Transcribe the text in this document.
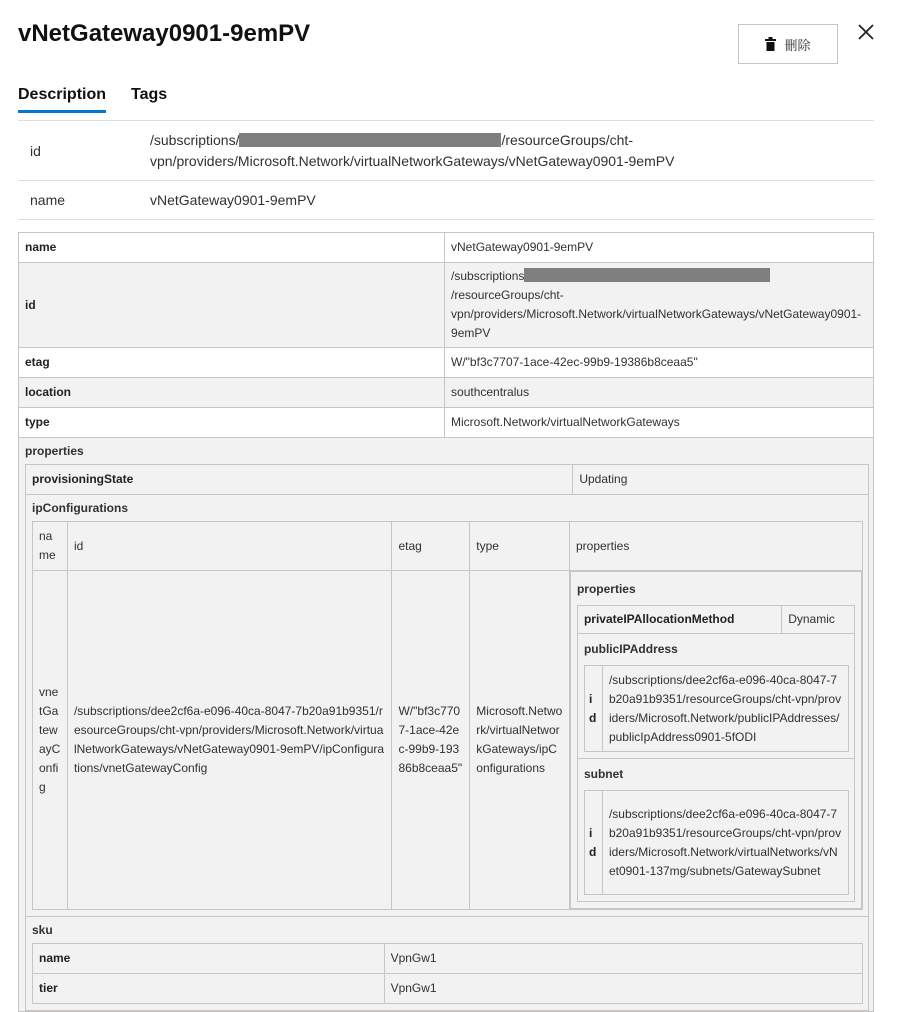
vNetGateway0901-9emPV	刪除
Description Tags
id
/subscriptions/	/resourceGroups/cht-vpn/providers/Microsoft.Network/virtualNetworkGateways/vNetGateway0901-9emPV
name	vNetGateway0901-9emPV
name	vNetGateway0901-9emPV
id	/subscriptions/resourceGroups/cht-vpn/providers/Microsoft.Network/virtualNetworkGateways/vNetGateway0901-9emPV
etag	W/"bf3c7707-1ace-42ec-99b9-19386b8ceaa5"
location	southcentralus
type	Microsoft.Network/virtualNetworkGateways
properties
provisioningState	Updating
ipConfigurations
name	id	etag	type	properties
vnetGatewayConfig	/subscriptions/dee2cf6a-e096-40ca-8047-7b20a91b9351/resourceGroups/cht-vpn/providers/Microsoft.Network/virtualNetworkGateways/vNetGateway0901-9emPV/ipConfigurations/vnetGatewayConfig	W/"bf3c7707-1ace-42ec-99b9-19386b8ceaa5"	Microsoft.Network/virtualNetworkGateways/ipConfigurations	
properties
privateIPAllocationMethod	Dynamic
publicIPAddress
id	/subscriptions/dee2cf6a-e096-40ca-8047-7b20a91b9351/resourceGroups/cht-vpn/providers/Microsoft.Network/publicIPAddresses/publicIpAddress0901-5fODI
subnet
id	/subscriptions/dee2cf6a-e096-40ca-8047-7b20a91b9351/resourceGroups/cht-vpn/providers/Microsoft.Network/virtualNetworks/vNet0901-137mg/subnets/GatewaySubnet
sku
name	VpnGw1
tier	VpnGw1
